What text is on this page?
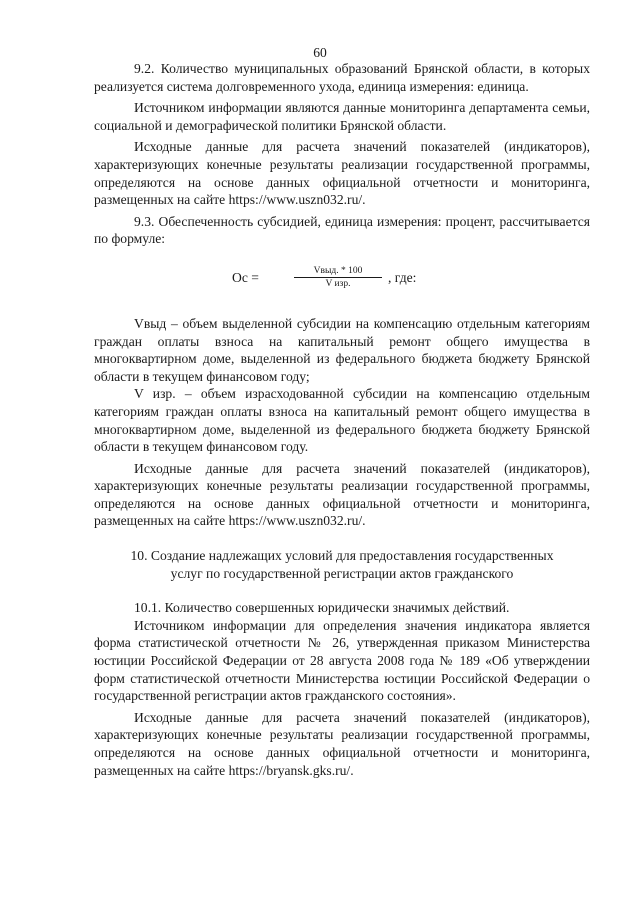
60

9.2. Количество муниципальных образований Брянской области, в которых реализуется система долговременного ухода, единица измерения: единица.

Источником информации являются данные мониторинга департамента семьи, социальной и демографической политики Брянской области.

Исходные данные для расчета значений показателей (индикаторов), характеризующих конечные результаты реализации государственной программы, определяются на основе данных официальной отчетности и мониторинга, размещенных на сайте https://www.uszn032.ru/.

9.3. Обеспеченность субсидией, единица измерения: процент, рассчитывается по формуле:

Ос =	$\frac{\text{Vвыд. * 100}}{\text{V изр.}}$ , где:

Vвыд – объем выделенной субсидии на компенсацию отдельным категориям граждан оплаты взноса на капитальный ремонт общего имущества в многоквартирном доме, выделенной из федерального бюджета бюджету Брянской области в текущем финансовом году;

V изр. – объем израсходованной субсидии на компенсацию отдельным категориям граждан оплаты взноса на капитальный ремонт общего имущества в многоквартирном доме, выделенной из федерального бюджета бюджету Брянской области в текущем финансовом году.

Исходные данные для расчета значений показателей (индикаторов), характеризующих конечные результаты реализации государственной программы, определяются на основе данных официальной отчетности и мониторинга, размещенных на сайте https://www.uszn032.ru/.

10. Создание надлежащих условий для предоставления государственных
услуг по государственной регистрации актов гражданского

10.1. Количество совершенных юридически значимых действий.

Источником информации для определения значения индикатора является форма статистической отчетности № 26, утвержденная приказом Министерства юстиции Российской Федерации от 28 августа 2008 года № 189 «Об утверждении форм статистической отчетности Министерства юстиции Российской Федерации о государственной регистрации актов гражданского состояния».

Исходные данные для расчета значений показателей (индикаторов), характеризующих конечные результаты реализации государственной программы, определяются на основе данных официальной отчетности и мониторинга, размещенных на сайте https://bryansk.gks.ru/.
